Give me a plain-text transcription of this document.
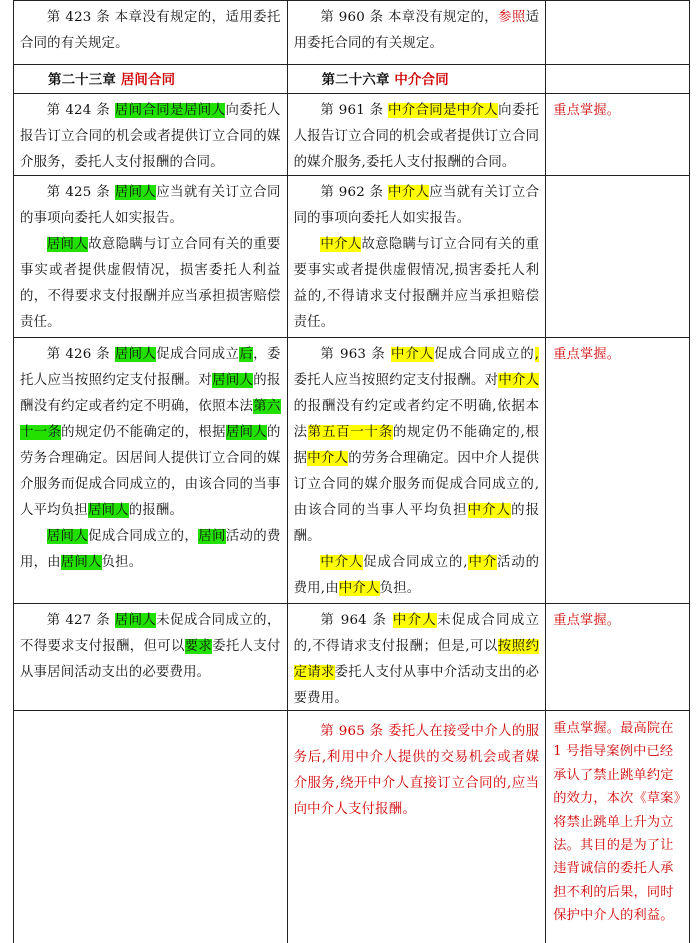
第 423 条 本章没有规定的，适用委托合同的有关规定。

第 960 条 本章没有规定的，参照适用委托合同的有关规定。

第二十三章 居间合同	第二十六章 中介合同

第 424 条 居间合同是居间人向委托人报告订立合同的机会或者提供订立合同的媒介服务，委托人支付报酬的合同。

第 961 条 中介合同是中介人向委托人报告订立合同的机会或者提供订立合同的媒介服务,委托人支付报酬的合同。

重点掌握。

第 425 条 居间人应当就有关订立合同的事项向委托人如实报告。

居间人故意隐瞒与订立合同有关的重要事实或者提供虚假情况，损害委托人利益的，不得要求支付报酬并应当承担损害赔偿责任。

第 962 条 中介人应当就有关订立合同的事项向委托人如实报告。

中介人故意隐瞒与订立合同有关的重要事实或者提供虚假情况,损害委托人利益的,不得请求支付报酬并应当承担赔偿责任。

第 426 条 居间人促成合同成立后，委托人应当按照约定支付报酬。对居间人的报酬没有约定或者约定不明确，依照本法第六十一条的规定仍不能确定的，根据居间人的劳务合理确定。因居间人提供订立合同的媒介服务而促成合同成立的，由该合同的当事人平均负担居间人的报酬。

居间人促成合同成立的，居间活动的费用，由居间人负担。

第 963 条 中介人促成合同成立的,委托人应当按照约定支付报酬。对中介人的报酬没有约定或者约定不明确,依据本法第五百一十条的规定仍不能确定的,根据中介人的劳务合理确定。因中介人提供订立合同的媒介服务而促成合同成立的,由该合同的当事人平均负担中介人的报酬。

中介人促成合同成立的,中介活动的费用,由中介人负担。

重点掌握。

第 427 条 居间人未促成合同成立的，不得要求支付报酬，但可以要求委托人支付从事居间活动支出的必要费用。

第 964 条 中介人未促成合同成立的,不得请求支付报酬；但是,可以按照约定请求委托人支付从事中介活动支出的必要费用。

重点掌握。

第 965 条 委托人在接受中介人的服务后,利用中介人提供的交易机会或者媒介服务,绕开中介人直接订立合同的,应当向中介人支付报酬。

重点掌握。最高院在 1 号指导案例中已经承认了禁止跳单约定的效力，本次《草案》将禁止跳单上升为立法。其目的是为了让违背诚信的委托人承担不利的后果，同时保护中介人的利益。
